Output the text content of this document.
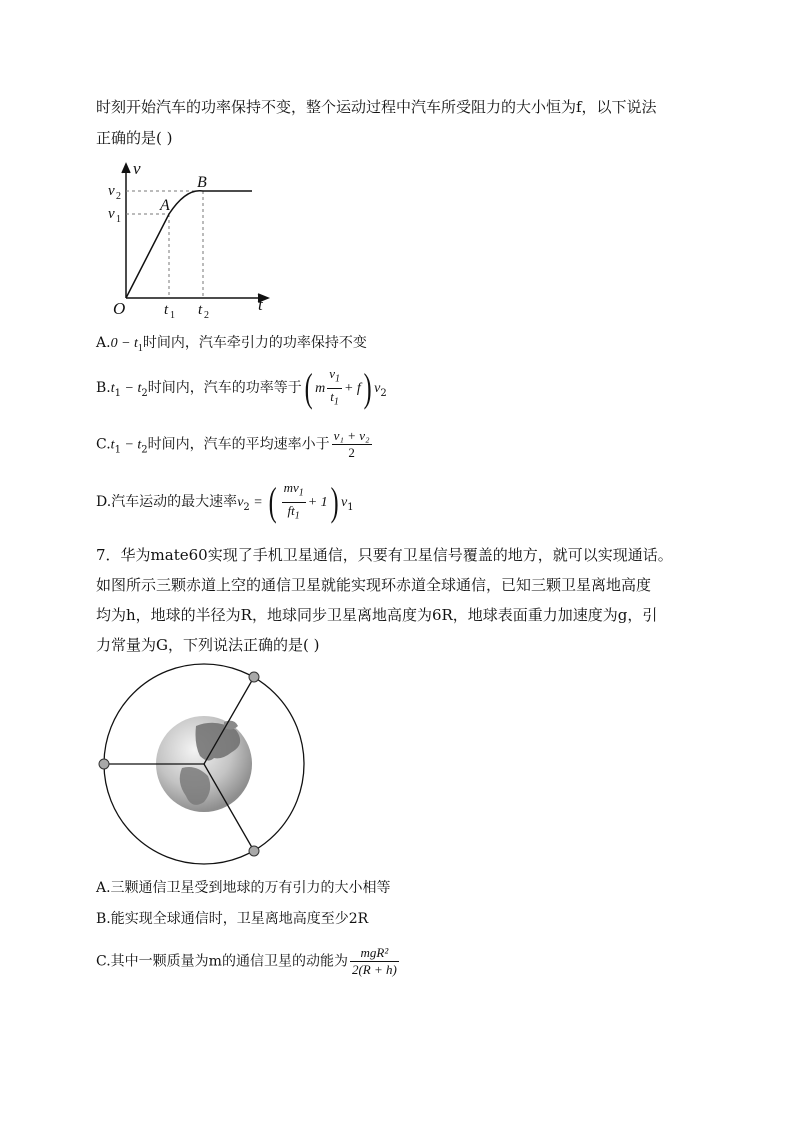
时刻开始汽车的功率保持不变，整个运动过程中汽车所受阻力的大小恒为f，以下说法
正确的是( )
v
t
O
v 2
v 1
A
B
t 1 t 2
$A.0 - t_1$时间内，汽车牵引力的功率保持不变
$B.t_1 - t_2$时间内，汽车的功率等于( m $\frac{v_1}{t_1} + f$) $v_2$
$C.t_1 - t_2$时间内，汽车的平均速率小于 $\frac{\text{v₁ + v₂}}{2}$
D.汽车运动的最大速率$v_2$ = ( $\frac{mv_1}{ft_1} + 1$) $v_1$
7．华为mate60实现了手机卫星通信，只要有卫星信号覆盖的地方，就可以实现通话。
如图所示三颗赤道上空的通信卫星就能实现环赤道全球通信，已知三颗卫星离地高度
均为h，地球的半径为R，地球同步卫星离地高度为6R，地球表面重力加速度为g，引
力常量为G，下列说法正确的是( )
A.三颗通信卫星受到地球的万有引力的大小相等
B.能实现全球通信时，卫星离地高度至少2R
C.其中一颗质量为m的通信卫星的动能为 $\frac{\text{mgR²}}{2(R + h)}$
